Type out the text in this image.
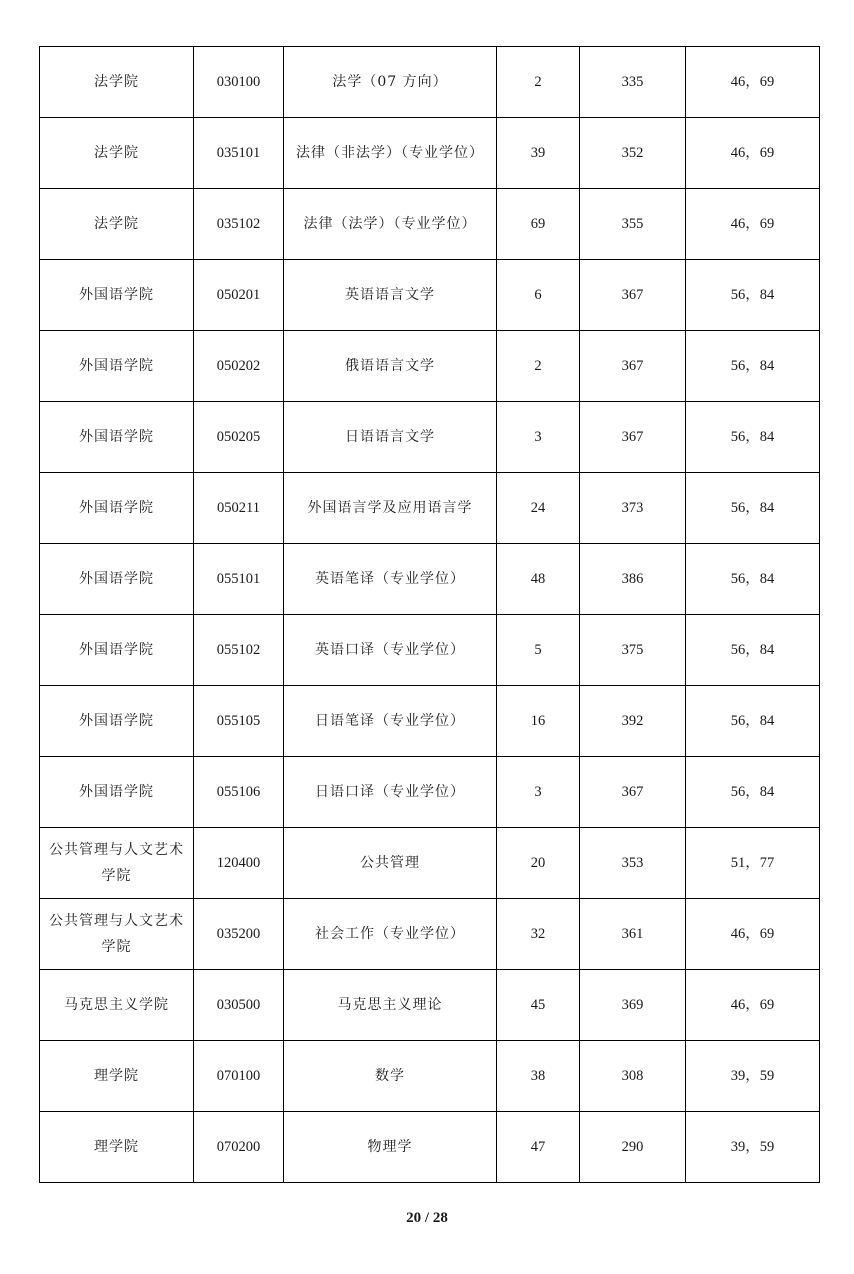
法学院	030100	法学（07 方向）	2	335	46，69
法学院	035101	法律（非法学）（专业学位）	39	352	46，69
法学院	035102	法律（法学）（专业学位）	69	355	46，69
外国语学院	050201	英语语言文学	6	367	56，84
外国语学院	050202	俄语语言文学	2	367	56，84
外国语学院	050205	日语语言文学	3	367	56，84
外国语学院	050211	外国语言学及应用语言学	24	373	56，84
外国语学院	055101	英语笔译（专业学位）	48	386	56，84
外国语学院	055102	英语口译（专业学位）	5	375	56，84
外国语学院	055105	日语笔译（专业学位）	16	392	56，84
外国语学院	055106	日语口译（专业学位）	3	367	56，84
公共管理与人文艺术学院	120400	公共管理	20	353	51，77
公共管理与人文艺术学院	035200	社会工作（专业学位）	32	361	46，69
马克思主义学院	030500	马克思主义理论	45	369	46，69
理学院	070100	数学	38	308	39，59
理学院	070200	物理学	47	290	39，59
20 / 28
